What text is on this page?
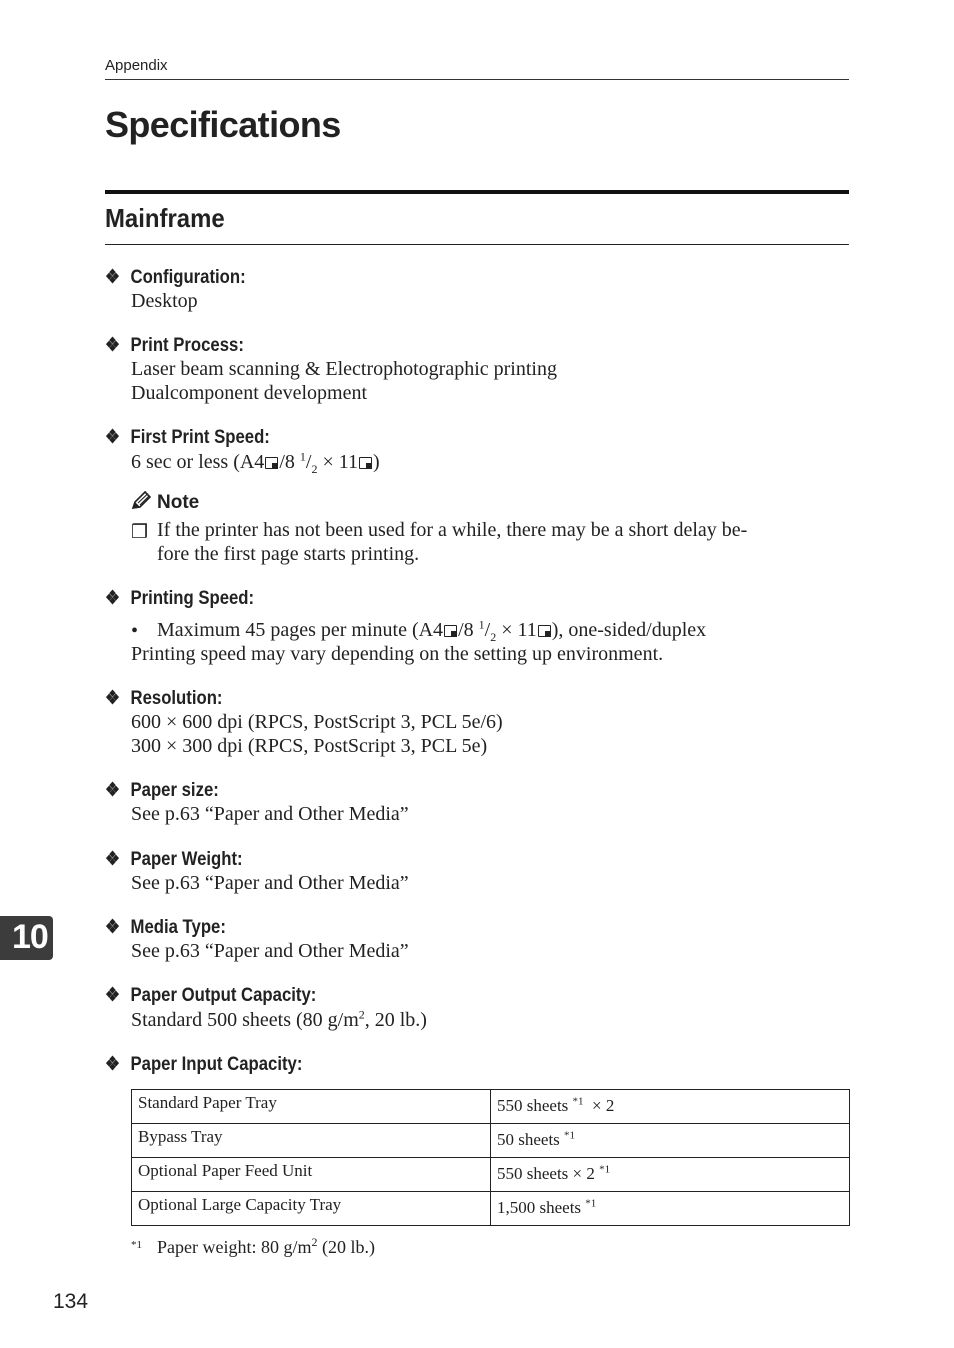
Appendix
Specifications
Mainframe
❖ Configuration:
Desktop
❖ Print Process:
Laser beam scanning & Electrophotographic printing
Dualcomponent development
❖ First Print Speed:
6 sec or less (A4 /8 $^1/_2 \times 11$ )
Note
❒ If the printer has not been used for a while, there may be a short delay be-
fore the first page starts printing.
❖ Printing Speed:
• Maximum 45 pages per minute (A4 /8 $^1/_2 \times 11$ ), one-sided/duplex
Printing speed may vary depending on the setting up environment.
❖ Resolution:
600 × 600 dpi (RPCS, PostScript 3, PCL 5e/6)
300 × 300 dpi (RPCS, PostScript 3, PCL 5e)
❖ Paper size:
See p.63 “Paper and Other Media”
❖ Paper Weight:
See p.63 “Paper and Other Media”
❖ Media Type:
See p.63 “Paper and Other Media”
❖ Paper Output Capacity:
Standard 500 sheets (80 $g/m^2$, 20 lb.)
❖ Paper Input Capacity:
Standard Paper Tray	550 sheets $^{*1}$  × 2
Bypass Tray	50 sheets $^{*1}$
Optional Paper Feed Unit	550 sheets × 2 $^{*1}$
Optional Large Capacity Tray	1,500 sheets $^{*1}$
$^{*1}$ Paper weight: 80 $g/m^2$ (20 lb.)
10
134
